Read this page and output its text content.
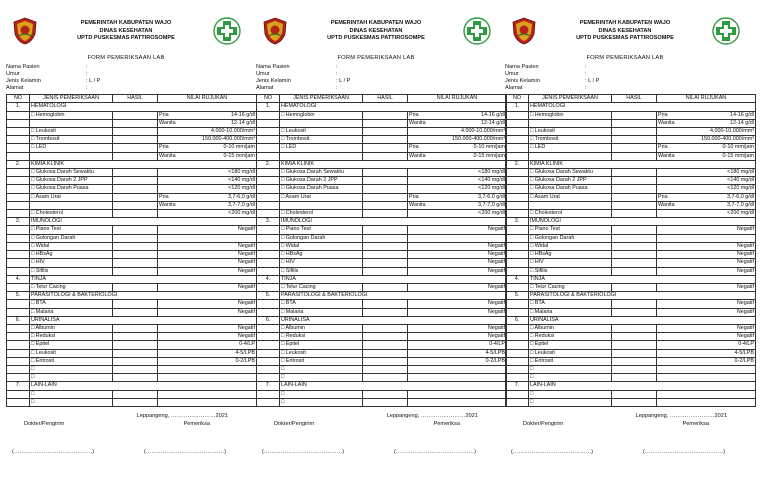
PEMERINTAH KABUPATEN WAJO
DINAS KESEHATAN
UPTD PUSKESMAS PATTIROSOMPE
FORM PEMERIKSAAN LAB
Nama Pasien	:
Umur	:
Jenis Kelamin	: L / P
Alamat	:
NO	JENIS PEMERIKSAAN	HASIL	NILAI RUJUKAN
1.	HEMATOLOGI		
	□ Hemoglobin		Pria 14-16 g/dl

			Wanita 12-14 g/dl

	□ Leukosit		4.000-10.000/mm³

	□ Trombosit		150.000-400.000/mm³

	□ LED		Pria 0-10 mm/jam

			Wanita 0-15 mm/jam

2.	KIMIA KLINIK		
	□ Glukosa Darah Sewaktu		<180 mg/dl

	□ Glukosa Darah 2 JPP		<140 mg/dl

	□ Glukosa Darah Puasa		<120 mg/dl

	□ Asam Urat		Pria 3,7-6,0 g/dl

			Wanita 3,7-7,0 g/dl

	□ Cholesterol		<200 mg/dl

3.	IMUNOLOGI		
	□ Plano Test		Negatif

	□ Golongan Darah		

	□ Widal		Negatif

	□ HBsAg		Negatif

	□ HIV		Negatif

	□ Sifilis		Negatif

4.	TINJA		
	□ Telur Cacing		Negatif

5.	PARASITOLOGI & BAKTERIOLOGI		
	□ BTA		Negatif

	□ Malaria		Negatif

6.	URINALISA		
	□ Albumin		Negatif

	□ Reduksi		Negatif

	□ Epitel		0-4/LP

	□ Leukosit		4-5/LPB

	□ Eritrosit		0-2/LPB

	□		

	□		

7.	LAIN-LAIN		
	□		

	□		
Leppangeng, ……………………2021
Dokter/Pengirim	Pemeriksa
(……………………………………)	(……………………………………)
PEMERINTAH KABUPATEN WAJO
DINAS KESEHATAN
UPTD PUSKESMAS PATTIROSOMPE
FORM PEMERIKSAAN LAB
Nama Pasien	:
Umur	:
Jenis Kelamin	: L / P
Alamat	:
NO	JENIS PEMERIKSAAN	HASIL	NILAI RUJUKAN
1.	HEMATOLOGI		
	□ Hemoglobin		Pria 14-16 g/dl

			Wanita 12-14 g/dl

	□ Leukosit		4.000-10.000/mm³

	□ Trombosit		150.000-400.000/mm³

	□ LED		Pria 0-10 mm/jam

			Wanita 0-15 mm/jam

2.	KIMIA KLINIK		
	□ Glukosa Darah Sewaktu		<180 mg/dl

	□ Glukosa Darah 2 JPP		<140 mg/dl

	□ Glukosa Darah Puasa		<120 mg/dl

	□ Asam Urat		Pria 3,7-6,0 g/dl

			Wanita 3,7-7,0 g/dl

	□ Cholesterol		<200 mg/dl

3.	IMUNOLOGI		
	□ Plano Test		Negatif

	□ Golongan Darah		

	□ Widal		Negatif

	□ HBsAg		Negatif

	□ HIV		Negatif

	□ Sifilis		Negatif

4.	TINJA		
	□ Telur Cacing		Negatif

5.	PARASITOLOGI & BAKTERIOLOGI		
	□ BTA		Negatif

	□ Malaria		Negatif

6.	URINALISA		
	□ Albumin		Negatif

	□ Reduksi		Negatif

	□ Epitel		0-4/LP

	□ Leukosit		4-5/LPB

	□ Eritrosit		0-2/LPB

	□		

	□		

7.	LAIN-LAIN		
	□		

	□		
Leppangeng, ……………………2021
Dokter/Pengirim	Pemeriksa
(……………………………………)	(……………………………………)
PEMERINTAH KABUPATEN WAJO
DINAS KESEHATAN
UPTD PUSKESMAS PATTIROSOMPE
FORM PEMERIKSAAN LAB
Nama Pasien	:
Umur	:
Jenis Kelamin	: L / P
Alamat	:
NO	JENIS PEMERIKSAAN	HASIL	NILAI RUJUKAN
1.	HEMATOLOGI		
	□ Hemoglobin		Pria 14-16 g/dl

			Wanita 12-14 g/dl

	□ Leukosit		4.000-10.000/mm³

	□ Trombosit		150.000-400.000/mm³

	□ LED		Pria 0-10 mm/jam

			Wanita 0-15 mm/jam

2.	KIMIA KLINIK		
	□ Glukosa Darah Sewaktu		<180 mg/dl

	□ Glukosa Darah 2 JPP		<140 mg/dl

	□ Glukosa Darah Puasa		<120 mg/dl

	□ Asam Urat		Pria 3,7-6,0 g/dl

			Wanita 3,7-7,0 g/dl

	□ Cholesterol		<200 mg/dl

3.	IMUNOLOGI		
	□ Plano Test		Negatif

	□ Golongan Darah		

	□ Widal		Negatif

	□ HBsAg		Negatif

	□ HIV		Negatif

	□ Sifilis		Negatif

4.	TINJA		
	□ Telur Cacing		Negatif

5.	PARASITOLOGI & BAKTERIOLOGI		
	□ BTA		Negatif

	□ Malaria		Negatif

6.	URINALISA		
	□ Albumin		Negatif

	□ Reduksi		Negatif

	□ Epitel		0-4/LP

	□ Leukosit		4-5/LPB

	□ Eritrosit		0-2/LPB

	□		

	□		

7.	LAIN-LAIN		
	□		

	□		
Leppangeng, ……………………2021
Dokter/Pengirim	Pemeriksa
(……………………………………)	(……………………………………)
